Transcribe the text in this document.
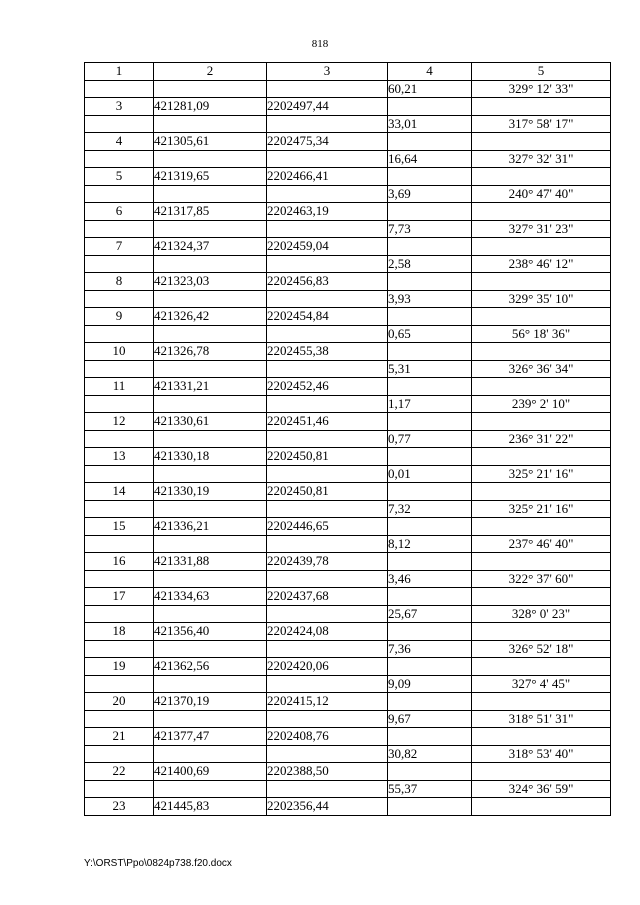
818
1	2	3	4	5
			60,21	329° 12' 33"
3	421281,09	2202497,44		
			33,01	317° 58' 17"
4	421305,61	2202475,34		
			16,64	327° 32' 31"
5	421319,65	2202466,41		
			3,69	240° 47' 40"
6	421317,85	2202463,19		
			7,73	327° 31' 23"
7	421324,37	2202459,04		
			2,58	238° 46' 12"
8	421323,03	2202456,83		
			3,93	329° 35' 10"
9	421326,42	2202454,84		
			0,65	56° 18' 36"
10	421326,78	2202455,38		
			5,31	326° 36' 34"
11	421331,21	2202452,46		
			1,17	239° 2' 10"
12	421330,61	2202451,46		
			0,77	236° 31' 22"
13	421330,18	2202450,81		
			0,01	325° 21' 16"
14	421330,19	2202450,81		
			7,32	325° 21' 16"
15	421336,21	2202446,65		
			8,12	237° 46' 40"
16	421331,88	2202439,78		
			3,46	322° 37' 60"
17	421334,63	2202437,68		
			25,67	328° 0' 23"
18	421356,40	2202424,08		
			7,36	326° 52' 18"
19	421362,56	2202420,06		
			9,09	327° 4' 45"
20	421370,19	2202415,12		
			9,67	318° 51' 31"
21	421377,47	2202408,76		
			30,82	318° 53' 40"
22	421400,69	2202388,50		
			55,37	324° 36' 59"
23	421445,83	2202356,44		
Y:\ORST\Ppo\0824p738.f20.docx
